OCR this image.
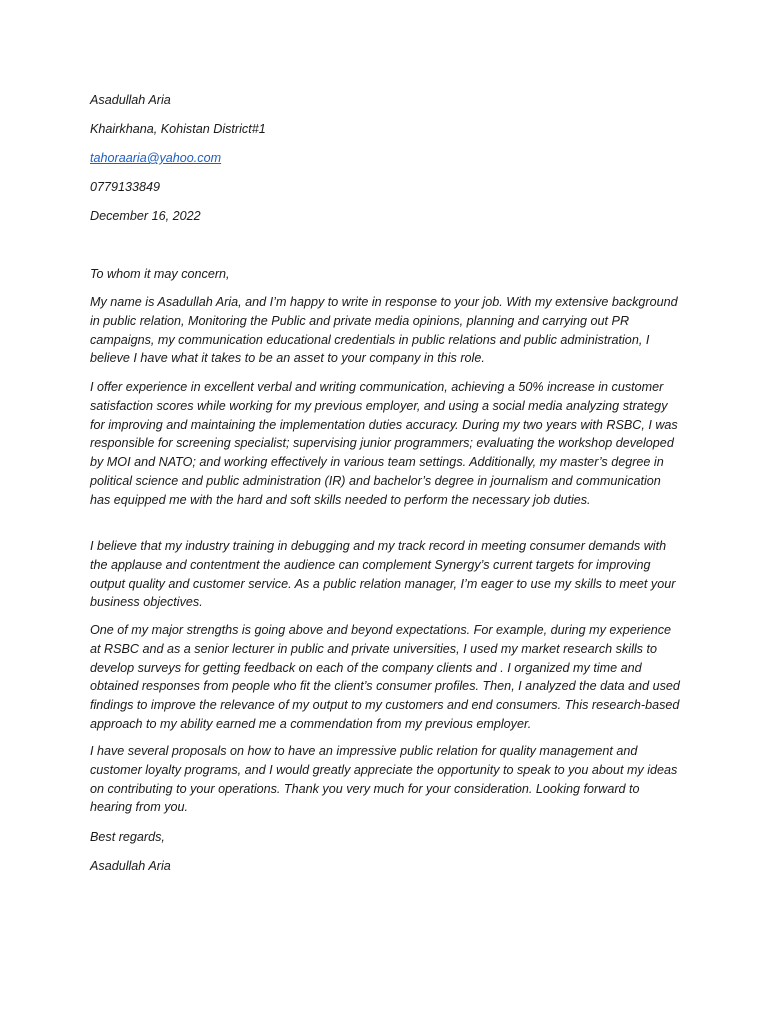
Asadullah Aria
Khairkhana, Kohistan District#1
tahoraaria@yahoo.com
0779133849
December 16, 2022
To whom it may concern,
My name is Asadullah Aria, and I’m happy to write in response to your job. With my extensive background in public relation, Monitoring the Public and private media opinions, planning and carrying out PR campaigns, my communication educational credentials in public relations and public administration, I believe I have what it takes to be an asset to your company in this role.
I offer experience in excellent verbal and writing communication, achieving a 50% increase in customer satisfaction scores while working for my previous employer, and using a social media analyzing strategy for improving and maintaining the implementation duties accuracy. During my two years with RSBC, I was responsible for screening specialist; supervising junior programmers; evaluating the workshop developed by MOI and NATO; and working effectively in various team settings. Additionally, my master’s degree in political science and public administration (IR) and bachelor’s degree in journalism and communication has equipped me with the hard and soft skills needed to perform the necessary job duties.
I believe that my industry training in debugging and my track record in meeting consumer demands with the applause and contentment the audience can complement Synergy’s current targets for improving output quality and customer service. As a public relation manager, I’m eager to use my skills to meet your business objectives.
One of my major strengths is going above and beyond expectations. For example, during my experience at RSBC and as a senior lecturer in public and private universities, I used my market research skills to develop surveys for getting feedback on each of the company clients and . I organized my time and obtained responses from people who fit the client’s consumer profiles. Then, I analyzed the data and used findings to improve the relevance of my output to my customers and end consumers. This research-based approach to my ability earned me a commendation from my previous employer.
I have several proposals on how to have an impressive public relation for quality management and customer loyalty programs, and I would greatly appreciate the opportunity to speak to you about my ideas on contributing to your operations. Thank you very much for your consideration. Looking forward to hearing from you.
Best regards,
Asadullah Aria
